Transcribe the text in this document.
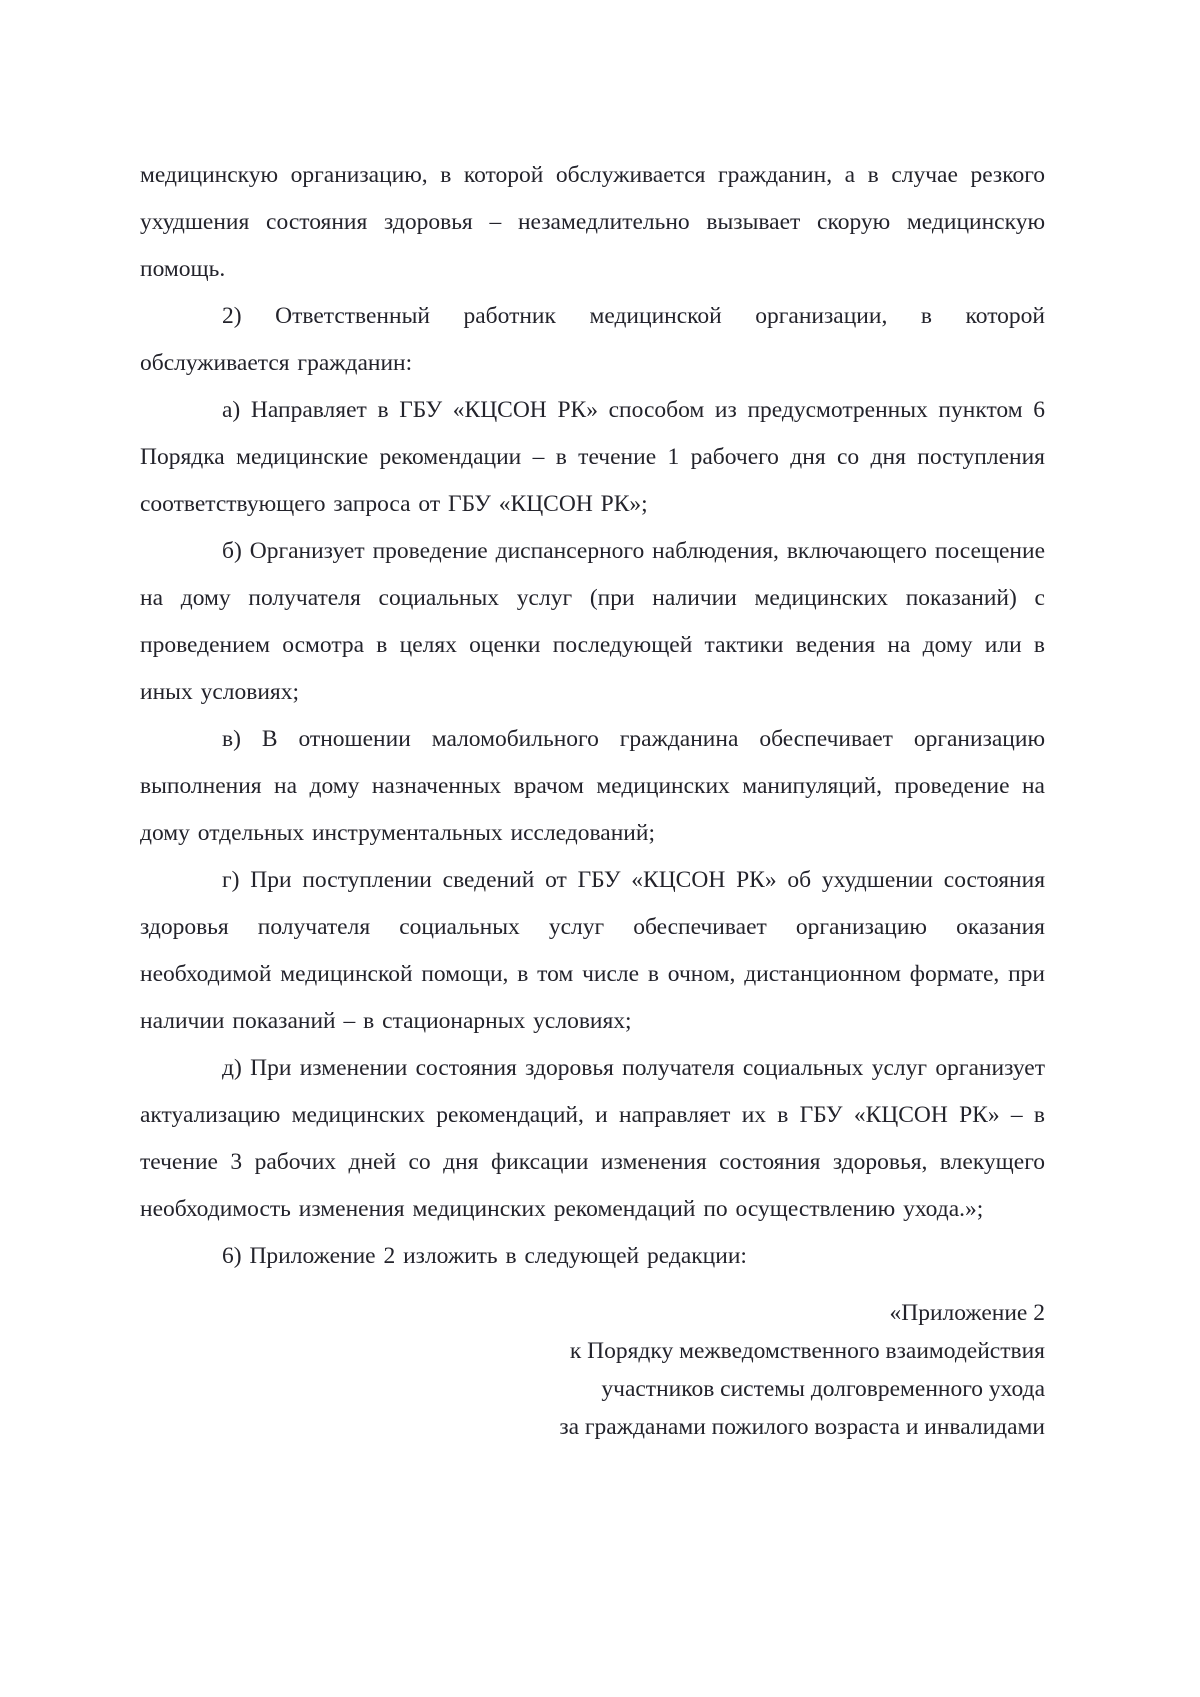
медицинскую организацию, в которой обслуживается гражданин, а в случае резкого ухудшения состояния здоровья – незамедлительно вызывает скорую медицинскую помощь.

2) Ответственный работник медицинской организации, в которой обслуживается гражданин:

а) Направляет в ГБУ «КЦСОН РК» способом из предусмотренных пунктом 6 Порядка медицинские рекомендации – в течение 1 рабочего дня со дня поступления соответствующего запроса от ГБУ «КЦСОН РК»;

б) Организует проведение диспансерного наблюдения, включающего посещение на дому получателя социальных услуг (при наличии медицинских показаний) с проведением осмотра в целях оценки последующей тактики ведения на дому или в иных условиях;

в) В отношении маломобильного гражданина обеспечивает организацию выполнения на дому назначенных врачом медицинских манипуляций, проведение на дому отдельных инструментальных исследований;

г) При поступлении сведений от ГБУ «КЦСОН РК» об ухудшении состояния здоровья получателя социальных услуг обеспечивает организацию оказания необходимой медицинской помощи, в том числе в очном, дистанционном формате, при наличии показаний – в стационарных условиях;

д) При изменении состояния здоровья получателя социальных услуг организует актуализацию медицинских рекомендаций, и направляет их в ГБУ «КЦСОН РК» – в течение 3 рабочих дней со дня фиксации изменения состояния здоровья, влекущего необходимость изменения медицинских рекомендаций по осуществлению ухода.»;

6) Приложение 2 изложить в следующей редакции:

«Приложение 2
к Порядку межведомственного взаимодействия
участников системы долговременного ухода
за гражданами пожилого возраста и инвалидами
